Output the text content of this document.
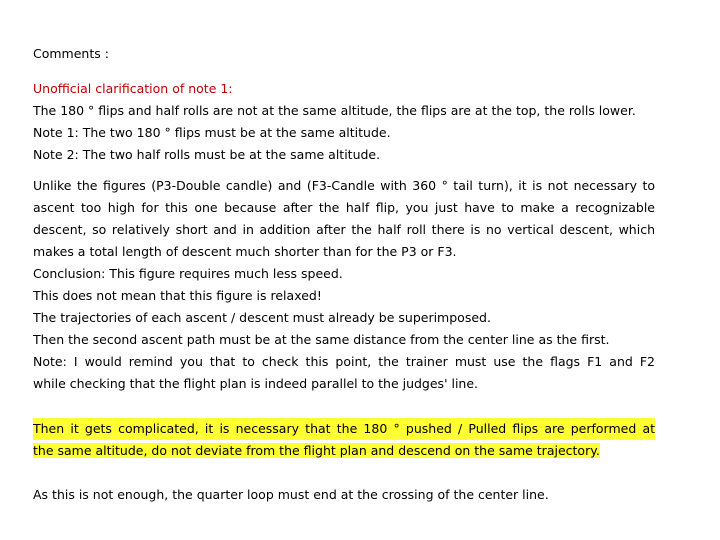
Comments :
Unofficial clarification of note 1:
The 180 ° flips and half rolls are not at the same altitude, the flips are at the top, the rolls lower.
Note 1: The two 180 ° flips must be at the same altitude.
Note 2: The two half rolls must be at the same altitude.
Unlike the figures (P3-Double candle) and (F3-Candle with 360 ° tail turn), it is not necessary to
ascent too high for this one because after the half flip, you just have to make a recognizable
descent, so relatively short and in addition after the half roll there is no vertical descent, which
makes a total length of descent much shorter than for the P3 or F3.
Conclusion: This figure requires much less speed.
This does not mean that this figure is relaxed!
The trajectories of each ascent / descent must already be superimposed.
Then the second ascent path must be at the same distance from the center line as the first.
Note: I would remind you that to check this point, the trainer must use the flags F1 and F2
while checking that the flight plan is indeed parallel to the judges' line.
Then it gets complicated, it is necessary that the 180 ° pushed / Pulled flips are performed at
the same altitude, do not deviate from the flight plan and descend on the same trajectory.
As this is not enough, the quarter loop must end at the crossing of the center line.
